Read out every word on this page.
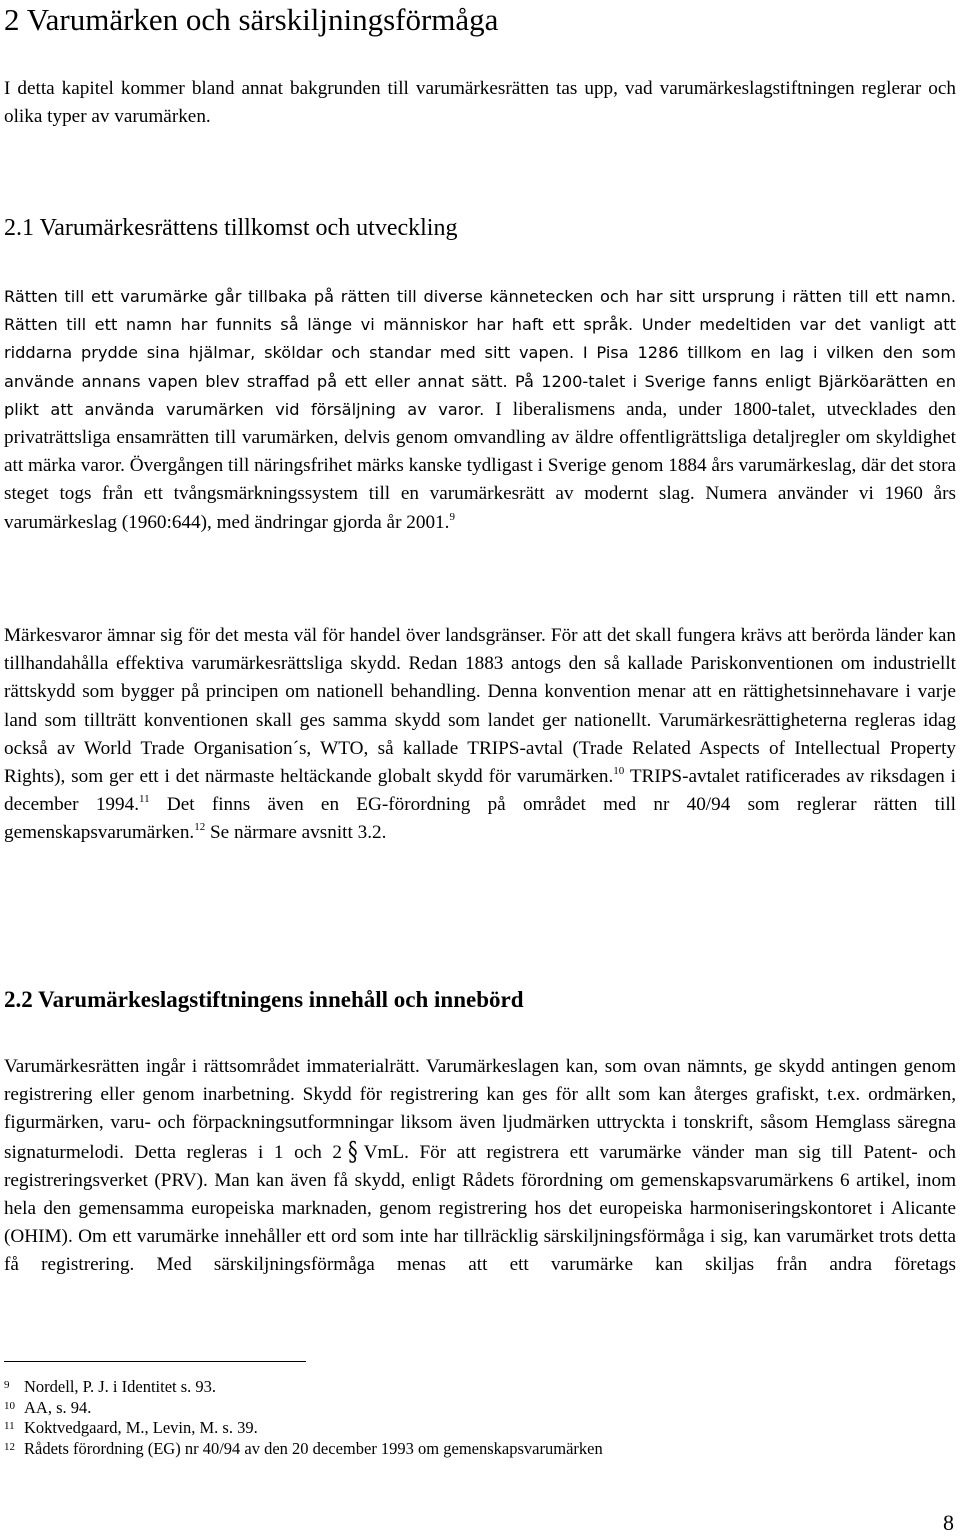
2 Varumärken och särskiljningsförmåga

I detta kapitel kommer bland annat bakgrunden till varumärkesrätten tas upp, vad varumärkeslagstiftningen reglerar och olika typer av varumärken.

2.1 Varumärkesrättens tillkomst och utveckling

Rätten till ett varumärke går tillbaka på rätten till diverse kännetecken och har sitt ursprung i rätten till ett namn. Rätten till ett namn har funnits så länge vi människor har haft ett språk. Under medeltiden var det vanligt att riddarna prydde sina hjälmar, sköldar och standar med sitt vapen. I Pisa 1286 tillkom en lag i vilken den som använde annans vapen blev straffad på ett eller annat sätt. På 1200-talet i Sverige fanns enligt Bjärköarätten en plikt att använda varumärken vid försäljning av varor. I liberalismens anda, under 1800-talet, utvecklades den privaträttsliga ensamrätten till varumärken, delvis genom omvandling av äldre offentligrättsliga detaljregler om skyldighet att märka varor. Övergången till näringsfrihet märks kanske tydligast i Sverige genom 1884 års varumärkeslag, där det stora steget togs från ett tvångsmärkningssystem till en varumärkesrätt av modernt slag. Numera använder vi 1960 års varumärkeslag (1960:644), med ändringar gjorda år 2001.$^9$

Märkesvaror ämnar sig för det mesta väl för handel över landsgränser. För att det skall fungera krävs att berörda länder kan tillhandahålla effektiva varumärkesrättsliga skydd. Redan 1883 antogs den så kallade Pariskonventionen om industriellt rättskydd som bygger på principen om nationell behandling. Denna konvention menar att en rättighetsinnehavare i varje land som tillträtt konventionen skall ges samma skydd som landet ger nationellt. Varumärkesrättigheterna regleras idag också av World Trade Organisation´s, WTO, så kallade TRIPS-avtal (Trade Related Aspects of Intellectual Property Rights), som ger ett i det närmaste heltäckande globalt skydd för varumärken.$^{10}$ TRIPS-avtalet ratificerades av riksdagen i december 1994.11 Det finns även en EG-förordning på området med nr 40/94 som reglerar rätten till gemenskapsvarumärken.$^{12}$ Se närmare avsnitt 3.2.

2.2 Varumärkeslagstiftningens innehåll och innebörd

Varumärkesrätten ingår i rättsområdet immaterialrätt. Varumärkeslagen kan, som ovan nämnts, ge skydd antingen genom registrering eller genom inarbetning. Skydd för registrering kan ges för allt som kan återges grafiskt, t.ex. ordmärken, figurmärken, varu- och förpackningsutformningar liksom även ljudmärken uttryckta i tonskrift, såsom Hemglass säregna signaturmelodi. Detta regleras i 1 och 2 § VmL. För att registrera ett varumärke vänder man sig till Patent- och registreringsverket (PRV). Man kan även få skydd, enligt Rådets förordning om gemenskapsvarumärkens 6 artikel, inom hela den gemensamma europeiska marknaden, genom registrering hos det europeiska harmoniseringskontoret i Alicante (OHIM). Om ett varumärke innehåller ett ord som inte har tillräcklig särskiljningsförmåga i sig, kan varumärket trots detta få registrering. Med särskiljningsförmåga menas att ett varumärke kan skiljas från andra företags

9 Nordell, P. J. i Identitet s. 93.
10 AA, s. 94.
11 Koktvedgaard, M., Levin, M. s. 39.
12 Rådets förordning (EG) nr 40/94 av den 20 december 1993 om gemenskapsvarumärken
8
